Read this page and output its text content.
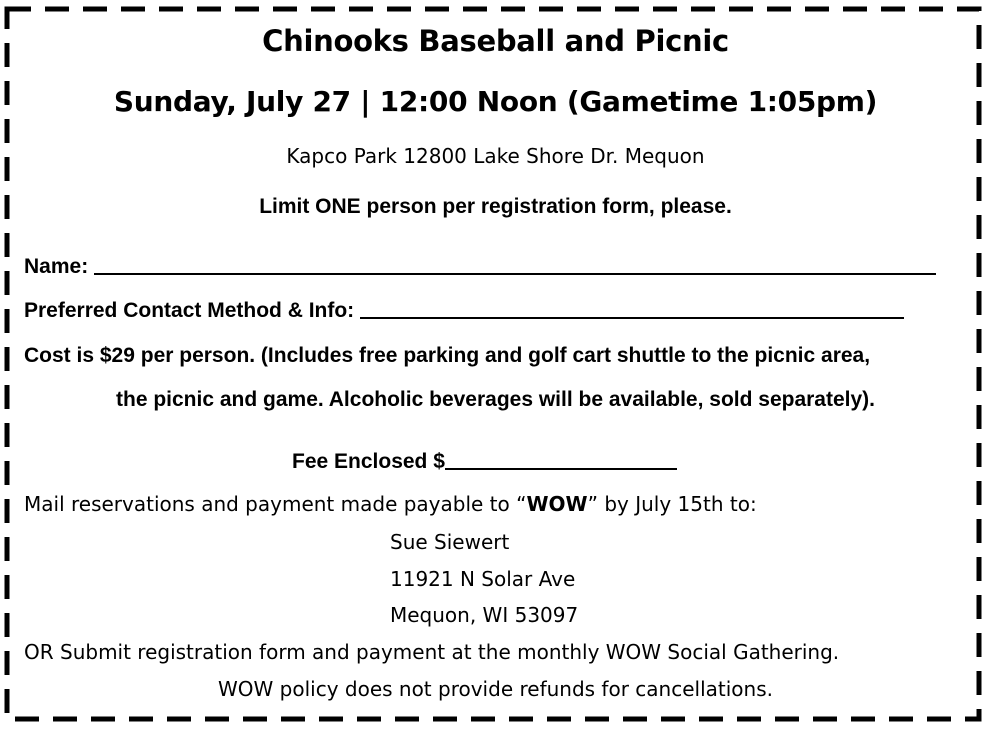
Chinooks Baseball and Picnic
Sunday, July 27 | 12:00 Noon (Gametime 1:05pm)
Kapco Park 12800 Lake Shore Dr. Mequon
Limit ONE person per registration form, please.
Name:
Preferred Contact Method & Info:
Cost is $29 per person. (Includes free parking and golf cart shuttle to the picnic area,
the picnic and game. Alcoholic beverages will be available, sold separately).
Fee Enclosed $
Mail reservations and payment made payable to “WOW” by July 15th to:
Sue Siewert
11921 N Solar Ave
Mequon, WI 53097
OR Submit registration form and payment at the monthly WOW Social Gathering.
WOW policy does not provide refunds for cancellations.
